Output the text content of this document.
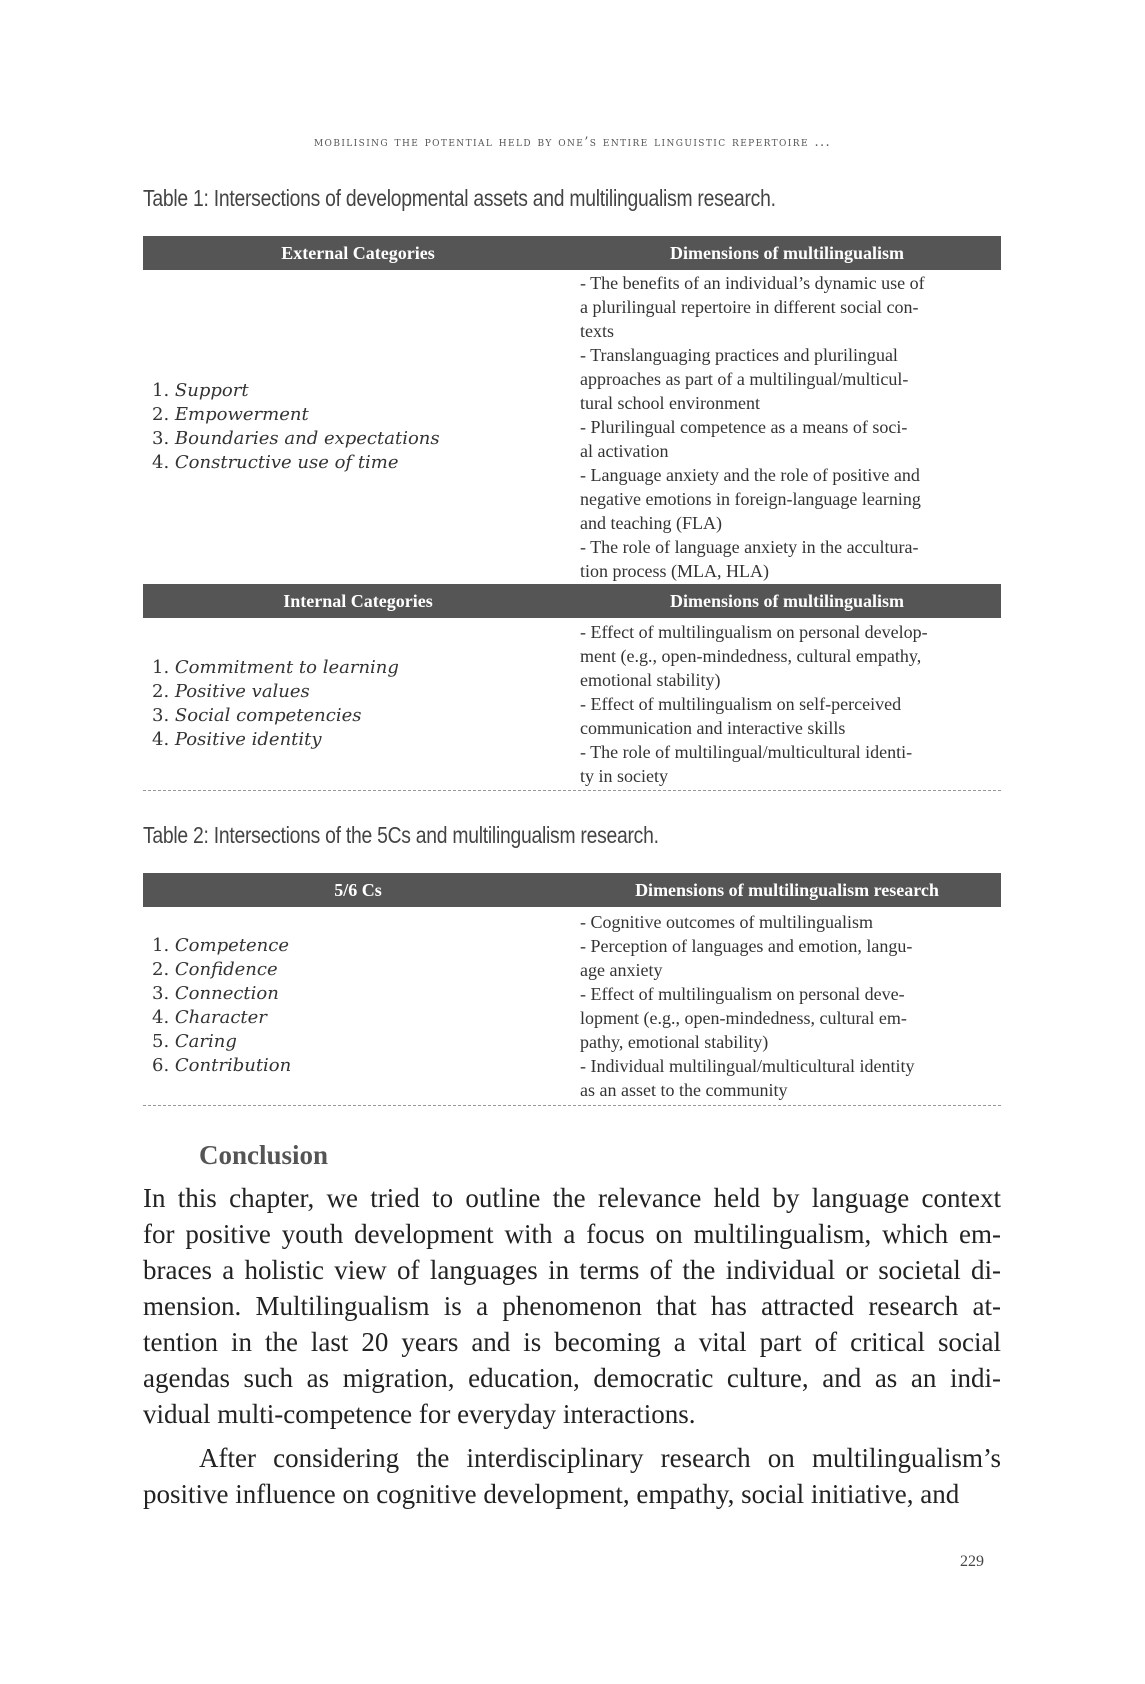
mobilising the potential held by one’s entire linguistic repertoire ...
Table 1: Intersections of developmental assets and multilingualism research.
External Categories	Dimensions of multilingualism
1. Support
2. Empowerment
3. Boundaries and expectations
4. Constructive use of time
- The benefits of an individual’s dynamic use of
a plurilingual repertoire in different social con-
texts
- Translanguaging practices and plurilingual
approaches as part of a multilingual/multicul-
tural school environment
- Plurilingual competence as a means of soci-
al activation
- Language anxiety and the role of positive and
negative emotions in foreign-language learning
and teaching (FLA)
- The role of language anxiety in the accultura-
tion process (MLA, HLA)
Internal Categories	Dimensions of multilingualism
1. Commitment to learning
2. Positive values
3. Social competencies
4. Positive identity
- Effect of multilingualism on personal develop-
ment (e.g., open-mindedness, cultural empathy,
emotional stability)
- Effect of multilingualism on self-perceived
communication and interactive skills
- The role of multilingual/multicultural identi-
ty in society
Table 2: Intersections of the 5Cs and multilingualism research.
5/6 Cs	Dimensions of multilingualism research
1. Competence
2. Confidence
3. Connection
4. Character
5. Caring
6. Contribution
- Cognitive outcomes of multilingualism
- Perception of languages and emotion, langu-
age anxiety
- Effect of multilingualism on personal deve-
lopment (e.g., open-mindedness, cultural em-
pathy, emotional stability)
- Individual multilingual/multicultural identity
as an asset to the community
Conclusion
In this chapter, we tried to outline the relevance held by language context
for positive youth development with a focus on multilingualism, which em-
braces a holistic view of languages in terms of the individual or societal di-
mension. Multilingualism is a phenomenon that has attracted research at-
tention in the last 20 years and is becoming a vital part of critical social
agendas such as migration, education, democratic culture, and as an indi-
vidual multi-competence for everyday interactions.
After considering the interdisciplinary research on multilingualism’s
positive influence on cognitive development, empathy, social initiative, and
229
